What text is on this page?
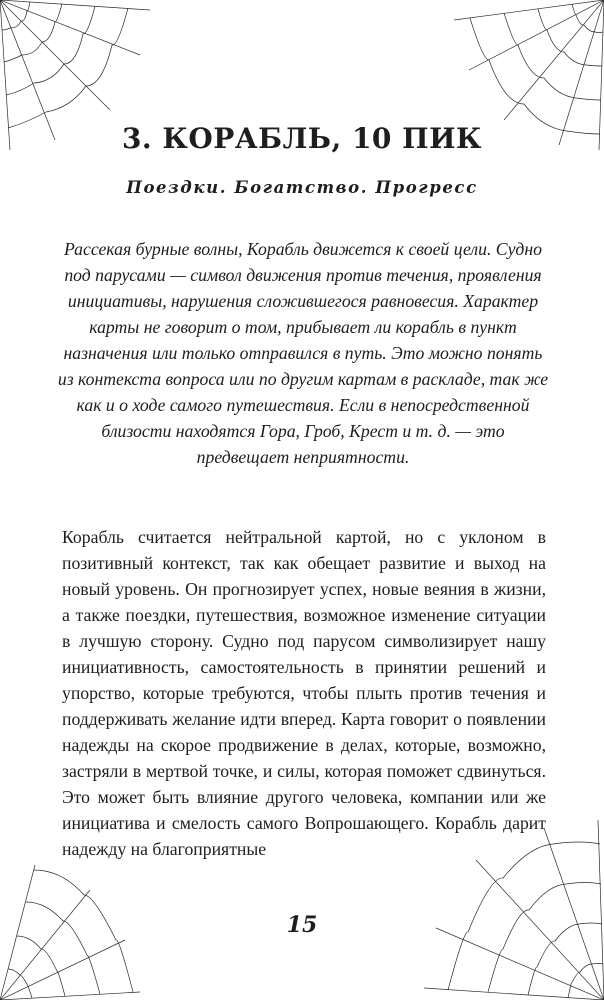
3. КОРАБЛЬ, 10 ПИК
Поездки. Богатство. Прогресс

Рассекая бурные волны, Корабль движется к своей цели. Судно под парусами — символ движения против течения, проявления инициативы, нарушения сложившегося равновесия. Характер карты не говорит о том, прибывает ли корабль в пункт назначения или только отправился в путь. Это можно понять из контекста вопроса или по другим картам в раскладе, так же как и о ходе самого путешествия. Если в непосредственной близости находятся Гора, Гроб, Крест и т. д. — это предвещает неприятности.

Корабль считается нейтральной картой, но с уклоном в позитивный контекст, так как обещает развитие и выход на новый уровень. Он прогнозирует успех, новые веяния в жизни, а также поездки, путешествия, возможное изменение ситуации в лучшую сторону. Судно под парусом символизирует нашу инициативность, самостоятельность в принятии решений и упорство, которые требуются, чтобы плыть против течения и поддерживать желание идти вперед. Карта говорит о появлении надежды на скорое продвижение в делах, которые, возможно, застряли в мертвой точке, и силы, которая поможет сдвинуться. Это может быть влияние другого человека, компании или же инициатива и смелость самого Вопрошающего. Корабль дарит надежду на благоприятные

15
